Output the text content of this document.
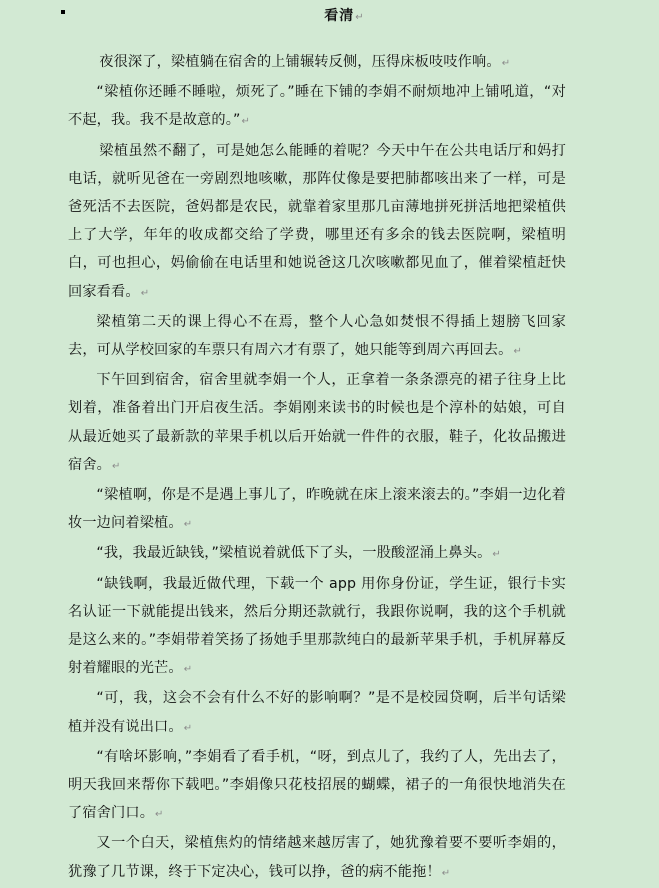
看清↵

夜很深了，梁植躺在宿舍的上铺辗转反侧，压得床板吱吱作响。↵

“梁植你还睡不睡啦，烦死了。”睡在下铺的李娟不耐烦地冲上铺吼道，“对不起，我。我不是故意的。”↵

梁植虽然不翻了，可是她怎么能睡的着呢？今天中午在公共电话厅和妈打电话，就听见爸在一旁剧烈地咳嗽，那阵仗像是要把肺都咳出来了一样，可是爸死活不去医院，爸妈都是农民，就靠着家里那几亩薄地拼死拼活地把梁植供上了大学，年年的收成都交给了学费，哪里还有多余的钱去医院啊，梁植明白，可也担心，妈偷偷在电话里和她说爸这几次咳嗽都见血了，催着梁植赶快回家看看。↵

梁植第二天的课上得心不在焉，整个人心急如焚恨不得插上翅膀飞回家去，可从学校回家的车票只有周六才有票了，她只能等到周六再回去。↵

下午回到宿舍，宿舍里就李娟一个人，正拿着一条条漂亮的裙子往身上比划着，准备着出门开启夜生活。李娟刚来读书的时候也是个淳朴的姑娘，可自从最近她买了最新款的苹果手机以后开始就一件件的衣服，鞋子，化妆品搬进宿舍。↵

“梁植啊，你是不是遇上事儿了，昨晚就在床上滚来滚去的。”李娟一边化着妆一边问着梁植。↵

“我，我最近缺钱，”梁植说着就低下了头，一股酸涩涌上鼻头。↵

“缺钱啊，我最近做代理，下载一个 app 用你身份证，学生证，银行卡实名认证一下就能提出钱来，然后分期还款就行，我跟你说啊，我的这个手机就是这么来的。”李娟带着笑扬了扬她手里那款纯白的最新苹果手机，手机屏幕反射着耀眼的光芒。↵

“可，我，这会不会有什么不好的影响啊？”是不是校园贷啊，后半句话梁植并没有说出口。↵

“有啥坏影响，”李娟看了看手机，“呀，到点儿了，我约了人，先出去了，明天我回来帮你下载吧。”李娟像只花枝招展的蝴蝶，裙子的一角很快地消失在了宿舍门口。↵

又一个白天，梁植焦灼的情绪越来越厉害了，她犹豫着要不要听李娟的，犹豫了几节课，终于下定决心，钱可以挣，爸的病不能拖！↵
